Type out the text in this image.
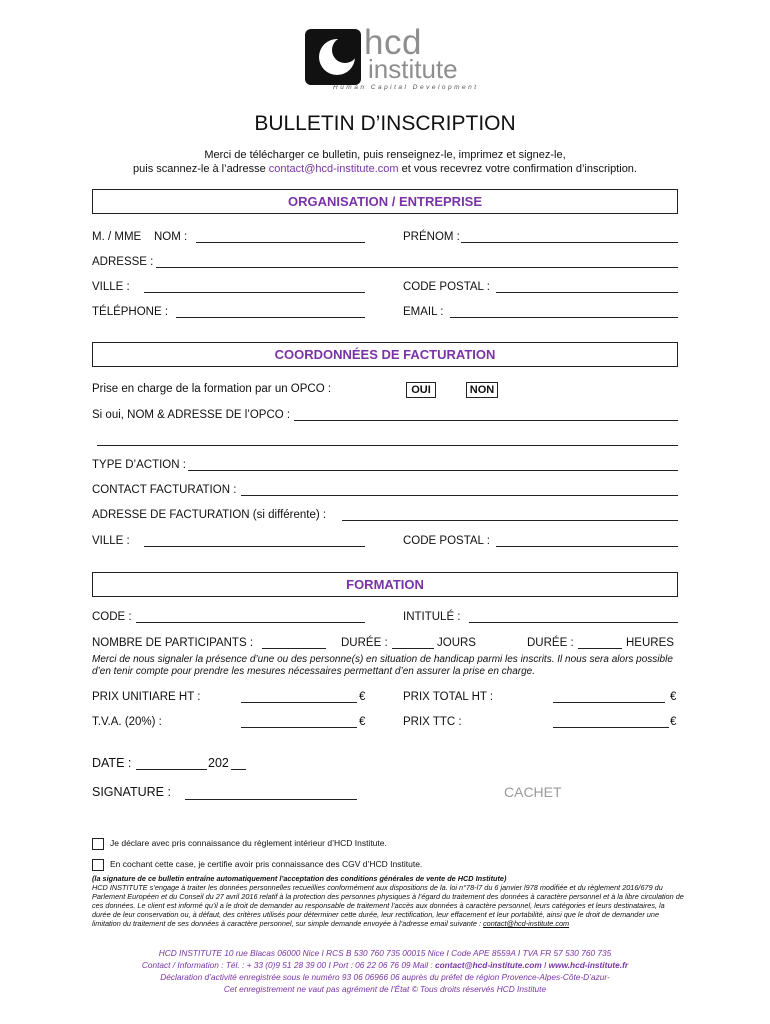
hcd
institute
Human Capital Development
BULLETIN D’INSCRIPTION
Merci de télécharger ce bulletin, puis renseignez-le, imprimez et signez-le,
puis scannez-le à l’adresse contact@hcd-institute.com et vous recevrez votre confirmation d’inscription.
ORGANISATION / ENTREPRISE
M. / MME NOM :	PRÉNOM :
ADRESSE :
VILLE :	CODE POSTAL :
TÉLÉPHONE :	EMAIL :
COORDONNÉES DE FACTURATION
Prise en charge de la formation par un OPCO :	OUI	NON
Si oui, NOM & ADRESSE DE l’OPCO :
TYPE D’ACTION :
CONTACT FACTURATION :
ADRESSE DE FACTURATION (si différente) :
VILLE :	CODE POSTAL :
FORMATION
CODE :	INTITULÉ :
NOMBRE DE PARTICIPANTS :	DURÉE :	JOURS	DURÉE :	HEURES
Merci de nous signaler la présence d’une ou des personne(s) en situation de handicap parmi les inscrits. Il nous sera alors possible d’en tenir compte pour prendre les mesures nécessaires permettant d’en assurer la prise en charge.
PRIX UNITIARE HT :	€	PRIX TOTAL HT :	€
T.V.A. (20%) :	€	PRIX TTC :	€
DATE :	202
SIGNATURE :	CACHET
Je déclare avec pris connaissance du règlement intérieur d’HCD Institute.
En cochant cette case, je certifie avoir pris connaissance des CGV d’HCD Institute.
(la signature de ce bulletin entraîne automatiquement l’acceptation des conditions générales de vente de HCD Institute)
HCD INSTITUTE s’engage à traiter les données personnelles recueillies conformément aux dispositions de la. loi n°78-l7 du 6 janvier l978 modifiée et du règlement 2016/679 du Parlement Européen et du Conseil du 27 avril 2016 relatif à la protection des personnes physiques à l’égard du traitement des données à caractère personnel et à la libre circulation de ces données. Le client est informé qu’il a le droit de demander au responsable de traitement l’accès aux données à caractère personnel, leurs catégories et leurs destinataires, la durée de leur conservation ou, à défaut, des critères utilisés pour déterminer cette durée, leur rectification, leur effacement et leur portabilité, ainsi que le droit de demander une limitation du traitement de ses données à caractère personnel, sur simple demande envoyée à l’adresse email suivante : contact@hcd-institute.com
HCD INSTITUTE 10 rue Blacas 06000 Nice I RCS B 530 760 735 00015 Nice I Code APE 8559A I TVA FR 57 530 760 735
Contact / Information : Tél. : + 33 (0)9 51 28 39 00 I Port : 06 22 06 76 09 Mail : contact@hcd-institute.com I www.hcd-institute.fr
Déclaration d’activité enregistrée sous le numéro 93 06 06966 06 auprès du préfet de région Provence-Alpes-Côte-D’azur-
Cet enregistrement ne vaut pas agrément de l’État © Tous droits réservés HCD Institute
